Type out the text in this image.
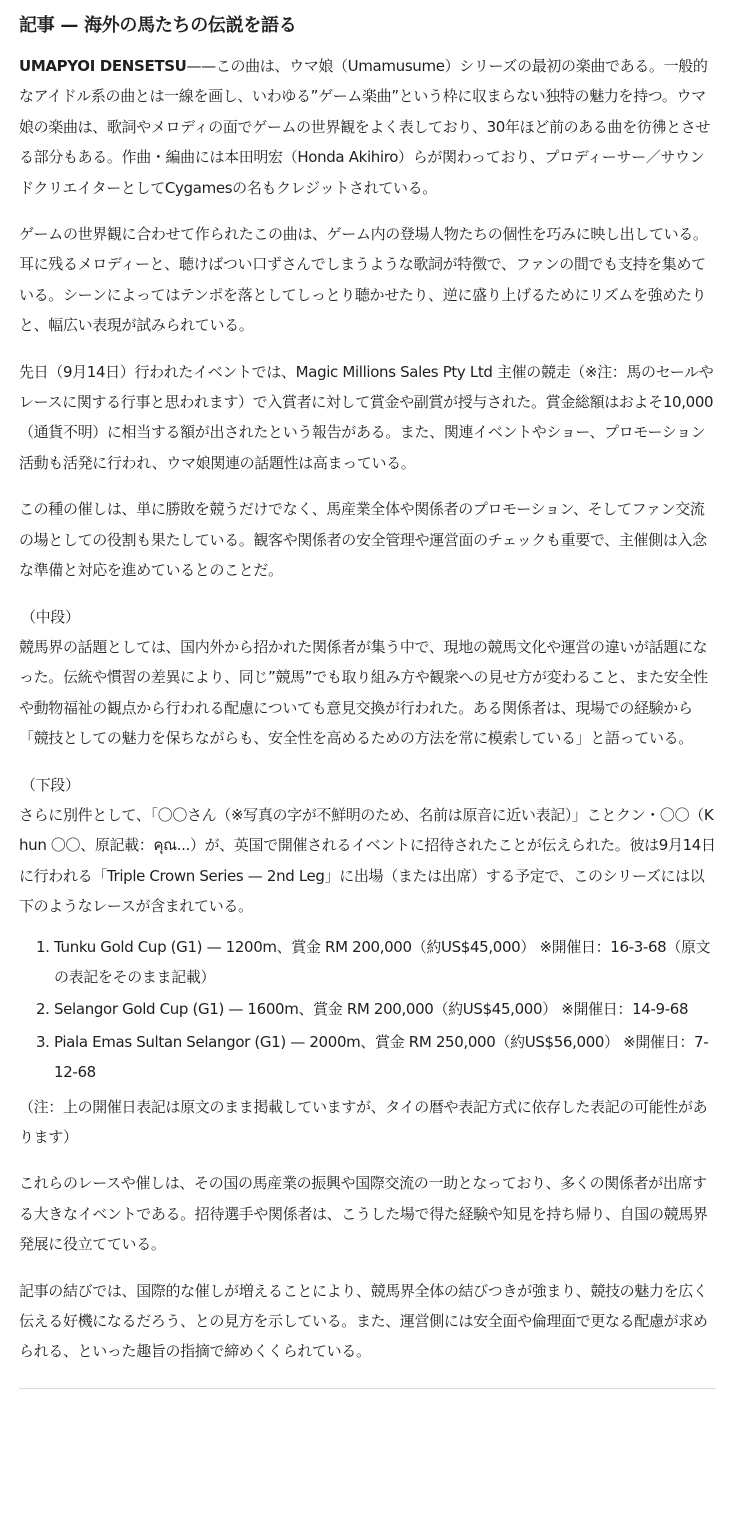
記事 — 海外の馬たちの伝説を語る

UMAPYOI DENSETSU——この曲は、ウマ娘（Umamusume）シリーズの最初の楽曲である。一般的なアイドル系の曲とは一線を画し、いわゆる”ゲーム楽曲”という枠に収まらない独特の魅力を持つ。ウマ娘の楽曲は、歌詞やメロディの面でゲームの世界観をよく表しており、30年ほど前のある曲を彷彿とさせる部分もある。作曲・編曲には本田明宏（Honda Akihiro）らが関わっており、プロディーサー／サウンドクリエイターとしてCygamesの名もクレジットされている。

ゲームの世界観に合わせて作られたこの曲は、ゲーム内の登場人物たちの個性を巧みに映し出している。耳に残るメロディーと、聴けばつい口ずさんでしまうような歌詞が特徴で、ファンの間でも支持を集めている。シーンによってはテンポを落としてしっとり聴かせたり、逆に盛り上げるためにリズムを強めたりと、幅広い表現が試みられている。

先日（9月14日）行われたイベントでは、Magic Millions Sales Pty Ltd 主催の競走（※注：馬のセールやレースに関する行事と思われます）で入賞者に対して賞金や副賞が授与された。賞金総額はおよそ10,000（通貨不明）に相当する額が出されたという報告がある。また、関連イベントやショー、プロモーション活動も活発に行われ、ウマ娘関連の話題性は高まっている。

この種の催しは、単に勝敗を競うだけでなく、馬産業全体や関係者のプロモーション、そしてファン交流の場としての役割も果たしている。観客や関係者の安全管理や運営面のチェックも重要で、主催側は入念な準備と対応を進めているとのことだ。

（中段）

競馬界の話題としては、国内外から招かれた関係者が集う中で、現地の競馬文化や運営の違いが話題になった。伝統や慣習の差異により、同じ”競馬”でも取り組み方や観衆への見せ方が変わること、また安全性や動物福祉の観点から行われる配慮についても意見交換が行われた。ある関係者は、現場での経験から「競技としての魅力を保ちながらも、安全性を高めるための方法を常に模索している」と語っている。

（下段）

さらに別件として、「〇〇さん（※写真の字が不鮮明のため、名前は原音に近い表記）」ことクン・〇〇（Khun 〇〇、原記載：คุณ...）が、英国で開催されるイベントに招待されたことが伝えられた。彼は9月14日に行われる「Triple Crown Series — 2nd Leg」に出場（または出席）する予定で、このシリーズには以下のようなレースが含まれている。

1. Tunku Gold Cup (G1) — 1200m、賞金 RM 200,000（約US$45,000） ※開催日：16-3-68（原文の表記をそのまま記載）
2. Selangor Gold Cup (G1) — 1600m、賞金 RM 200,000（約US$45,000） ※開催日：14-9-68
3. Piala Emas Sultan Selangor (G1) — 2000m、賞金 RM 250,000（約US$56,000） ※開催日：7-12-68

（注：上の開催日表記は原文のまま掲載していますが、タイの暦や表記方式に依存した表記の可能性があります）

これらのレースや催しは、その国の馬産業の振興や国際交流の一助となっており、多くの関係者が出席する大きなイベントである。招待選手や関係者は、こうした場で得た経験や知見を持ち帰り、自国の競馬界発展に役立てている。

記事の結びでは、国際的な催しが増えることにより、競馬界全体の結びつきが強まり、競技の魅力を広く伝える好機になるだろう、との見方を示している。また、運営側には安全面や倫理面で更なる配慮が求められる、といった趣旨の指摘で締めくくられている。
